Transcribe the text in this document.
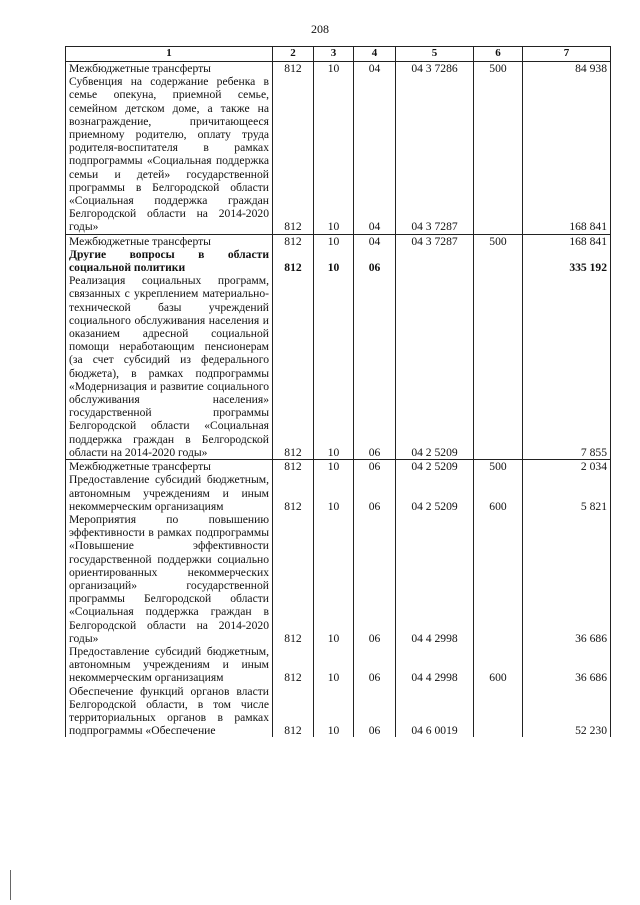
208
1	2	3	4	5	6	7
Межбюджетные трансферты	812	10	04	04 3 7286	500	84 938
Субвенция на содержание ребенка в семье опекуна, приемной семье, семейном детском доме, а также на вознаграждение, причитающееся приемному родителю, оплату труда родителя-воспитателя в рамках подпрограммы «Социальная поддержка семьи и детей» государственной программы в Белгородской области «Социальная поддержка граждан Белгородской области на 2014-2020 годы»	812	10	04	04 3 7287		168 841
Межбюджетные трансферты	812	10	04	04 3 7287	500	168 841
Другие вопросы в области социальной политики	812	10	06			335 192
Реализация социальных программ, связанных с укреплением материально-технической базы учреждений социального обслуживания населения и оказанием адресной социальной помощи неработающим пенсионерам (за счет субсидий из федерального бюджета), в рамках подпрограммы «Модернизация и развитие социального обслуживания населения» государственной программы Белгородской области «Социальная поддержка граждан в Белгородской области на 2014-2020 годы»	812	10	06	04 2 5209		7 855
Межбюджетные трансферты	812	10	06	04 2 5209	500	2 034
Предоставление субсидий бюджетным, автономным учреждениям и иным некоммерческим организациям	812	10	06	04 2 5209	600	5 821
Мероприятия по повышению эффективности в рамках подпрограммы «Повышение эффективности государственной поддержки социально ориентированных некоммерческих организаций» государственной программы Белгородской области «Социальная поддержка граждан в Белгородской области на 2014-2020 годы»	812	10	06	04 4 2998		36 686
Предоставление субсидий бюджетным, автономным учреждениям и иным некоммерческим организациям	812	10	06	04 4 2998	600	36 686
Обеспечение функций органов власти Белгородской области, в том числе территориальных органов в рамках подпрограммы «Обеспечение	812	10	06	04 6 0019		52 230
